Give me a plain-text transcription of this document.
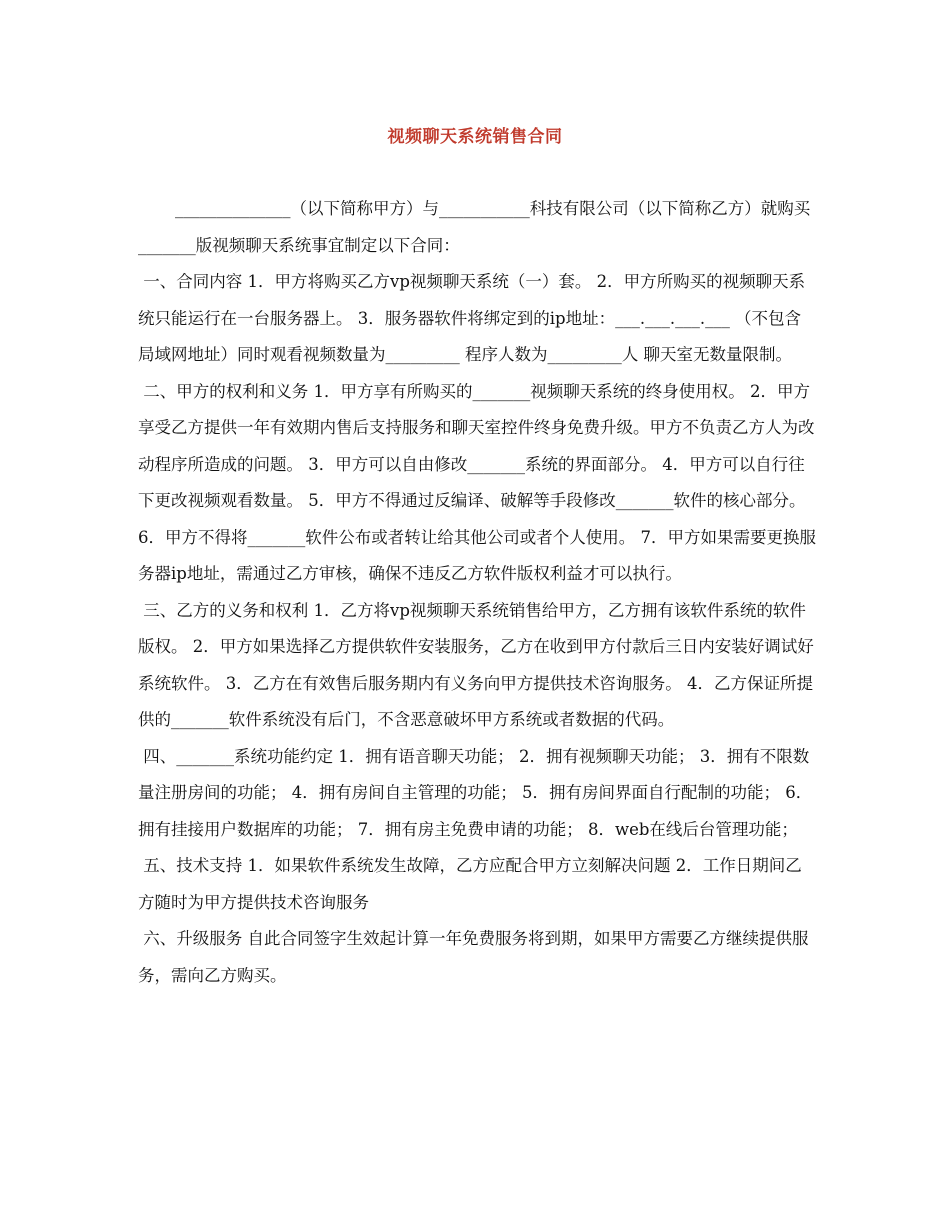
视频聊天系统销售合同

______________（以下简称甲方）与___________科技有限公司（以下简称乙方）就购买_______版视频聊天系统事宜制定以下合同：

一、合同内容 1．甲方将购买乙方vp视频聊天系统（一）套。 2．甲方所购买的视频聊天系统只能运行在一台服务器上。 3．服务器软件将绑定到的ip地址：___.___.___.___ （不包含局域网地址）同时观看视频数量为_________ 程序人数为_________人 聊天室无数量限制。

二、甲方的权利和义务 1．甲方享有所购买的_______视频聊天系统的终身使用权。 2．甲方享受乙方提供一年有效期内售后支持服务和聊天室控件终身免费升级。甲方不负责乙方人为改动程序所造成的问题。 3．甲方可以自由修改_______系统的界面部分。 4．甲方可以自行往下更改视频观看数量。 5．甲方不得通过反编译、破解等手段修改_______软件的核心部分。 6．甲方不得将_______软件公布或者转让给其他公司或者个人使用。 7．甲方如果需要更换服务器ip地址，需通过乙方审核，确保不违反乙方软件版权利益才可以执行。

三、乙方的义务和权利 1．乙方将vp视频聊天系统销售给甲方，乙方拥有该软件系统的软件版权。 2．甲方如果选择乙方提供软件安装服务，乙方在收到甲方付款后三日内安装好调试好系统软件。 3．乙方在有效售后服务期内有义务向甲方提供技术咨询服务。 4．乙方保证所提供的_______软件系统没有后门，不含恶意破坏甲方系统或者数据的代码。

四、_______系统功能约定 1．拥有语音聊天功能； 2．拥有视频聊天功能； 3．拥有不限数量注册房间的功能； 4．拥有房间自主管理的功能； 5．拥有房间界面自行配制的功能； 6．拥有挂接用户数据库的功能； 7．拥有房主免费申请的功能； 8．web在线后台管理功能；

五、技术支持 1．如果软件系统发生故障，乙方应配合甲方立刻解决问题 2．工作日期间乙方随时为甲方提供技术咨询服务

六、升级服务 自此合同签字生效起计算一年免费服务将到期，如果甲方需要乙方继续提供服务，需向乙方购买。
